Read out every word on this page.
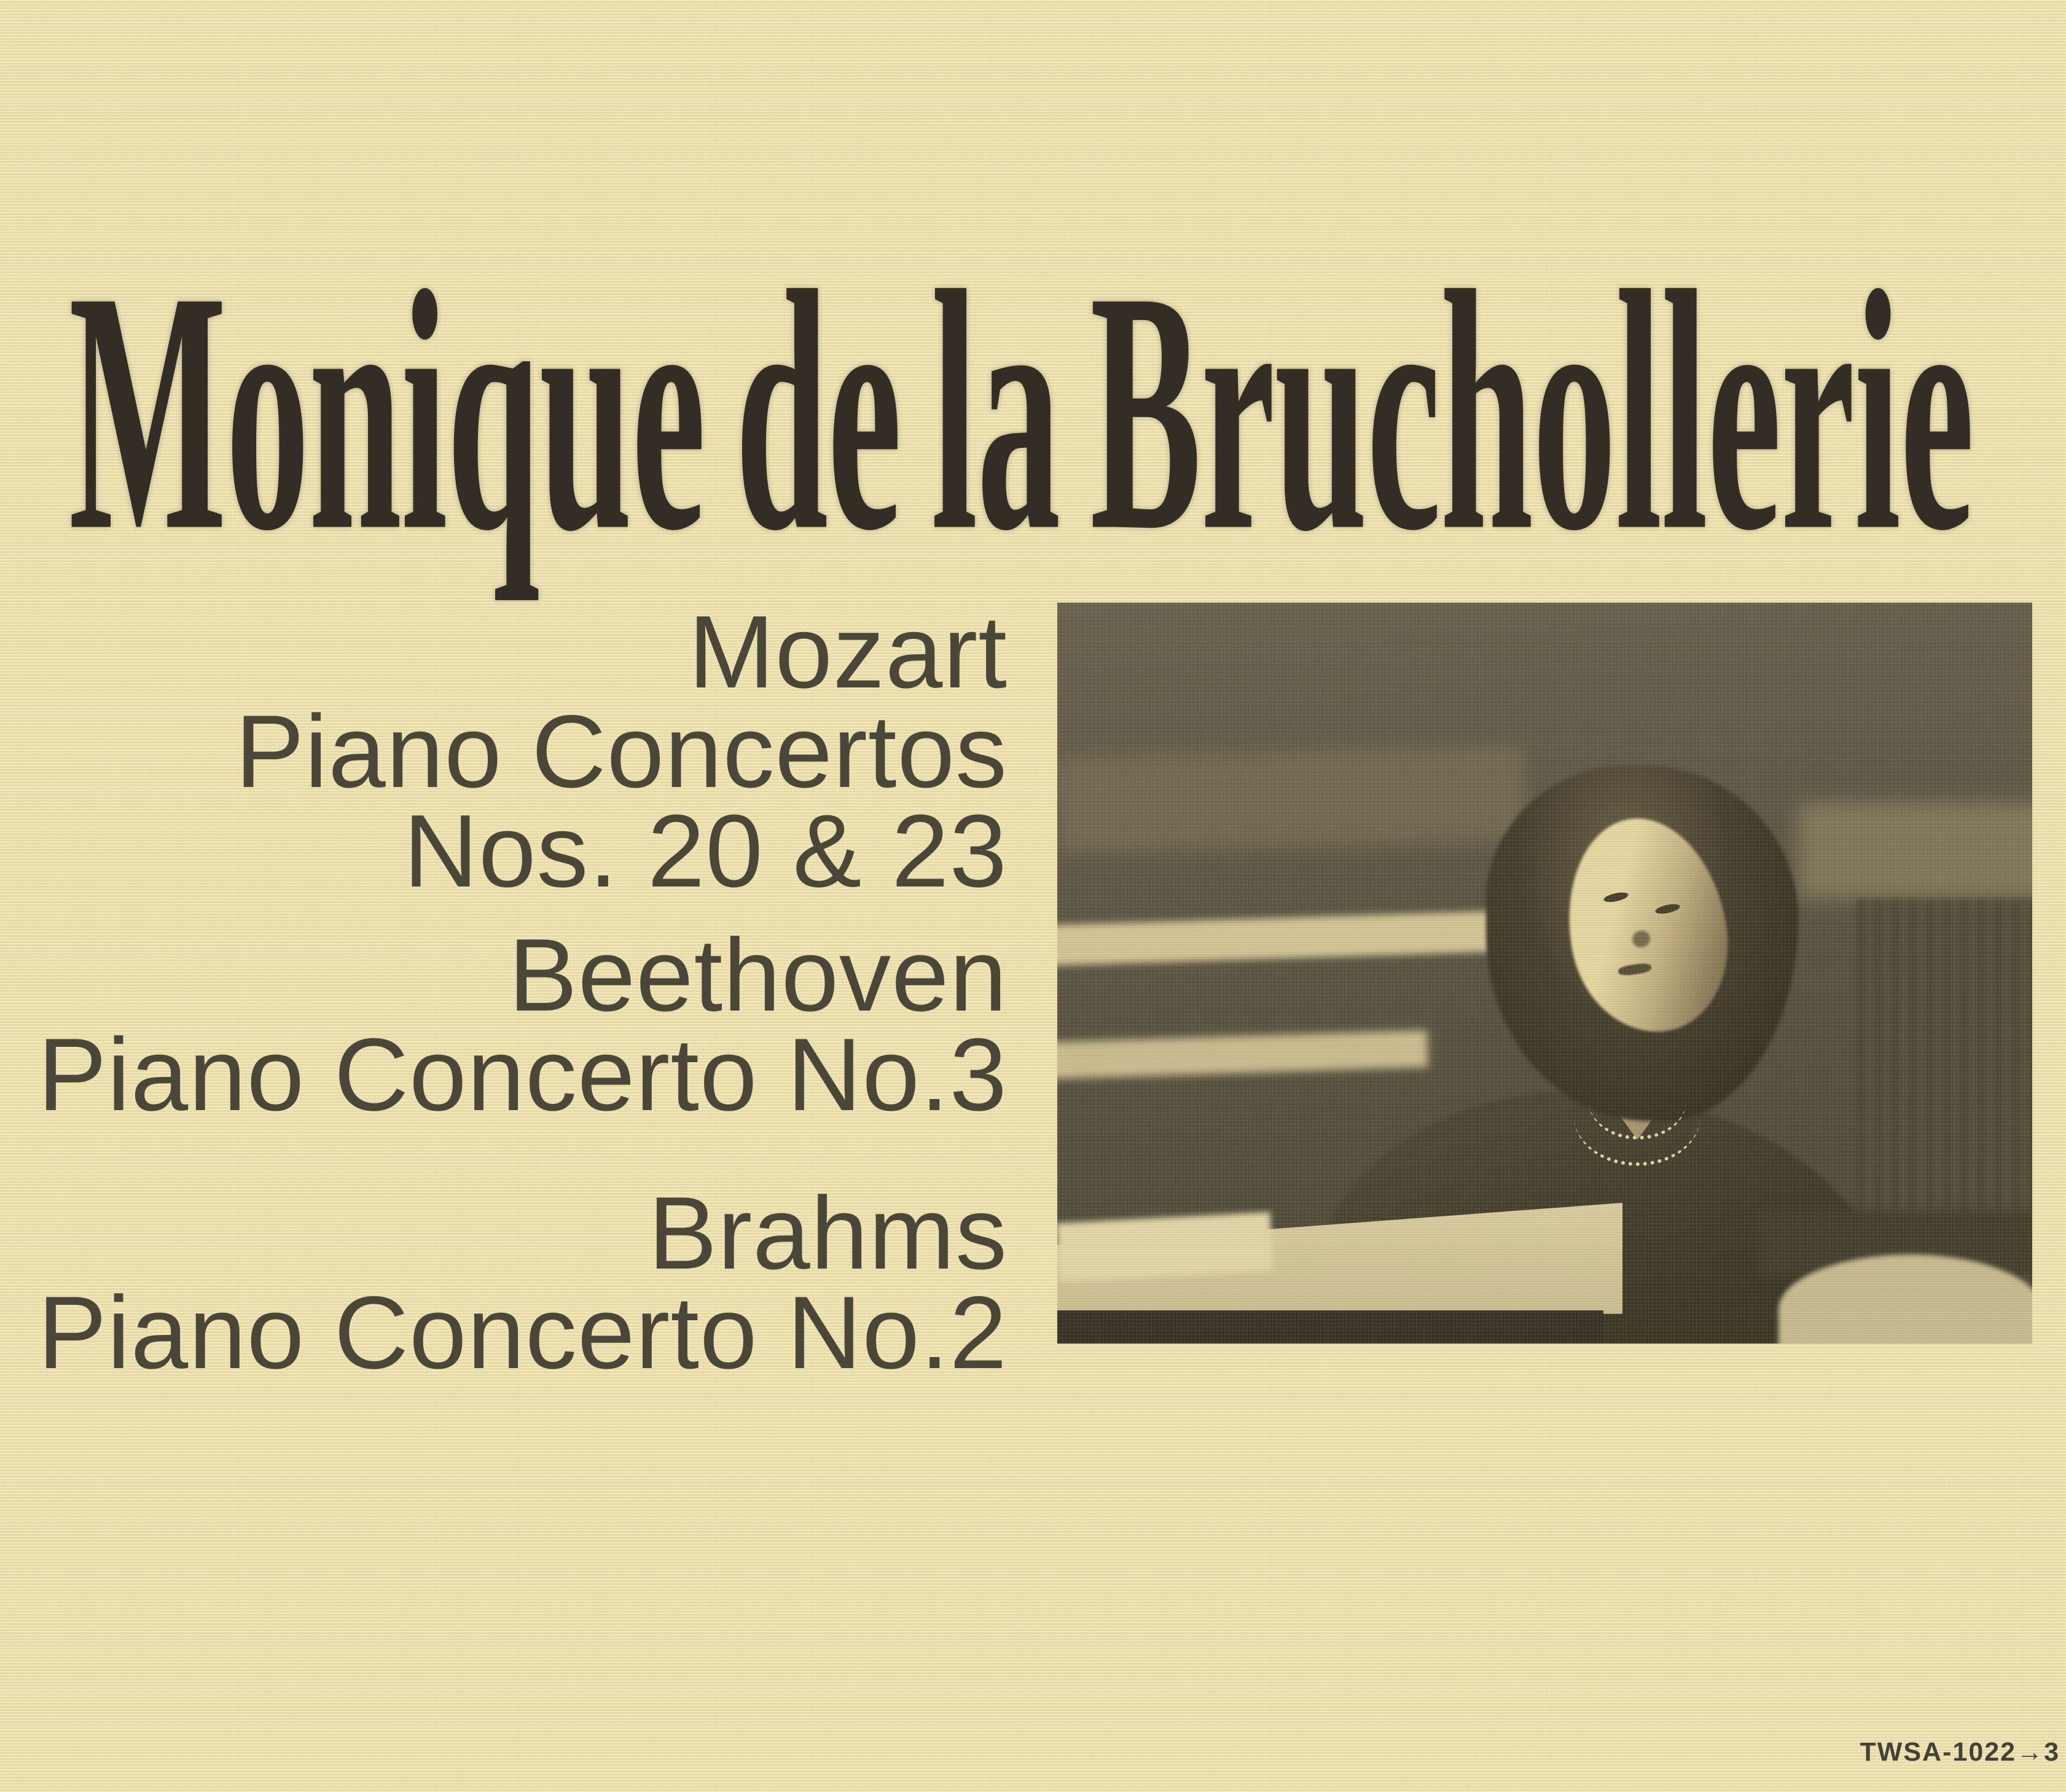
Monique de la Bruchollerie
Mozart
Piano Concertos
Nos. 20 & 23
Beethoven
Piano Concerto No.3
Brahms
Piano Concerto No.2
TWSA-1022→3
